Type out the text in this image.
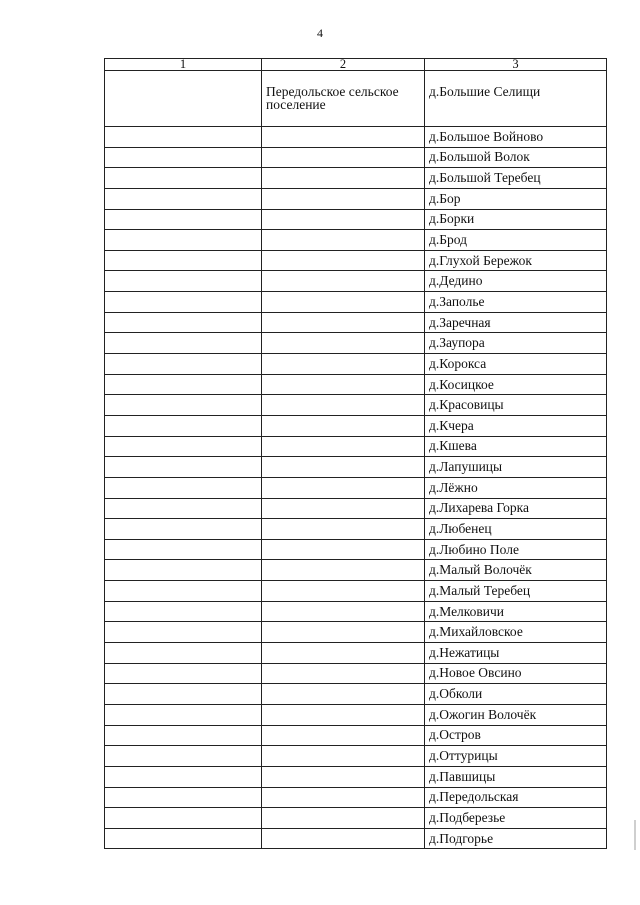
4
1	2	3
	Передольское сельское поселение	д.Большие Селищи
		д.Большое Войново
		д.Большой Волок
		д.Большой Теребец
		д.Бор
		д.Борки
		д.Брод
		д.Глухой Бережок
		д.Дедино
		д.Заполье
		д.Заречная
		д.Заупора
		д.Корокса
		д.Косицкое
		д.Красовицы
		д.Кчера
		д.Кшева
		д.Лапушицы
		д.Лёжно
		д.Лихарева Горка
		д.Любенец
		д.Любино Поле
		д.Малый Волочёк
		д.Малый Теребец
		д.Мелковичи
		д.Михайловское
		д.Нежатицы
		д.Новое Овсино
		д.Обколи
		д.Ожогин Волочёк
		д.Остров
		д.Оттурицы
		д.Павшицы
		д.Передольская
		д.Подберезье
		д.Подгорье
